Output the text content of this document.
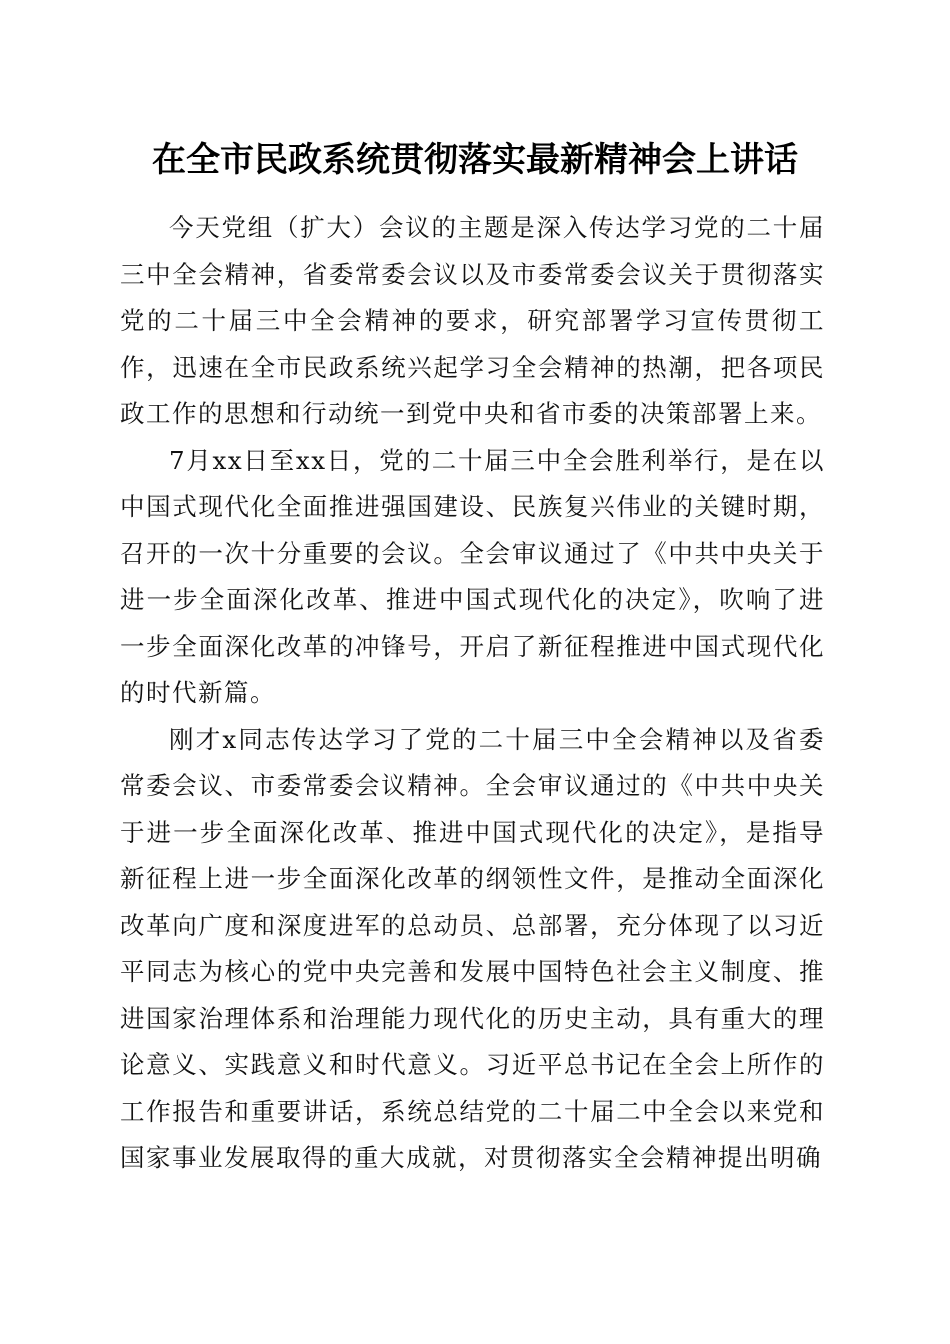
在全市民政系统贯彻落实最新精神会上讲话

今天党组（扩大）会议的主题是深入传达学习党的二十届三中全会精神，省委常委会议以及市委常委会议关于贯彻落实党的二十届三中全会精神的要求，研究部署学习宣传贯彻工作，迅速在全市民政系统兴起学习全会精神的热潮，把各项民政工作的思想和行动统一到党中央和省市委的决策部署上来。

7月xx日至xx日，党的二十届三中全会胜利举行，是在以中国式现代化全面推进强国建设、民族复兴伟业的关键时期，召开的一次十分重要的会议。全会审议通过了《中共中央关于进一步全面深化改革、推进中国式现代化的决定》，吹响了进一步全面深化改革的冲锋号，开启了新征程推进中国式现代化的时代新篇。

刚才x同志传达学习了党的二十届三中全会精神以及省委常委会议、市委常委会议精神。全会审议通过的《中共中央关于进一步全面深化改革、推进中国式现代化的决定》，是指导新征程上进一步全面深化改革的纲领性文件，是推动全面深化改革向广度和深度进军的总动员、总部署，充分体现了以习近平同志为核心的党中央完善和发展中国特色社会主义制度、推进国家治理体系和治理能力现代化的历史主动，具有重大的理论意义、实践意义和时代意义。习近平总书记在全会上所作的工作报告和重要讲话，系统总结党的二十届二中全会以来党和国家事业发展取得的重大成就，对贯彻落实全会精神提出明确
